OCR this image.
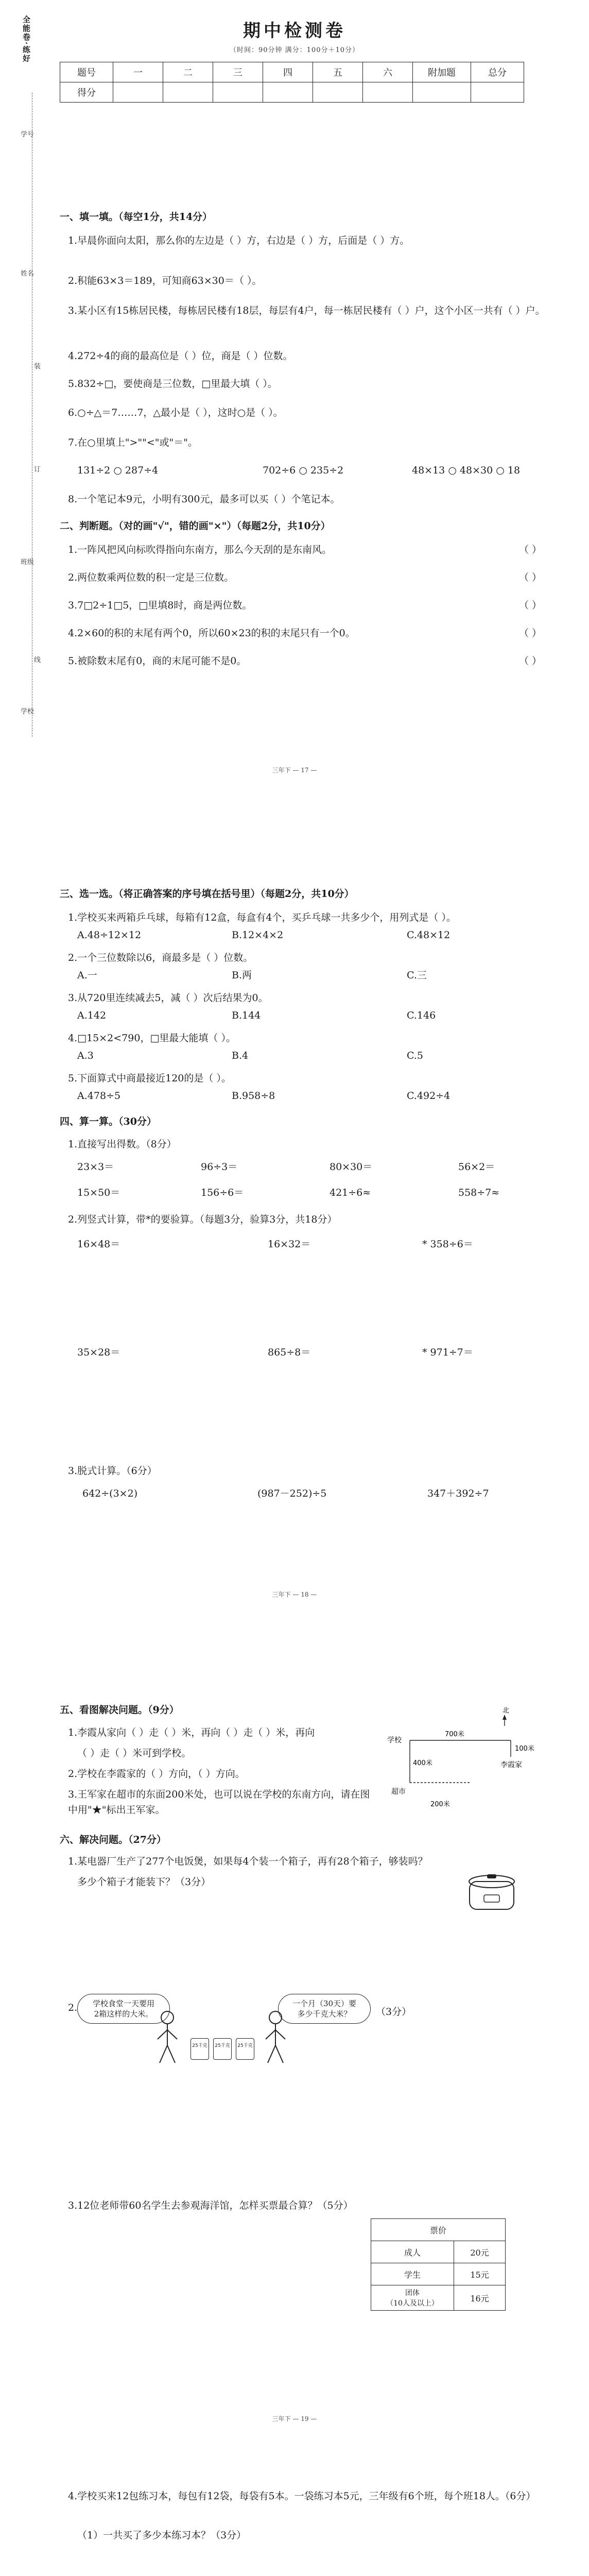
全能卷·练好	期中检测卷
（时间：90分钟 满分：100分＋10分）
题号	一	二	三	四	五	六	附加题	总分
得分								
学号
姓名
装
订
班级
线
学校
一、填一填。（每空1分，共14分）
1.早晨你面向太阳，那么你的左边是（ ）方，右边是（ ）方，后面是（ ）方。
2.积能63×3＝189，可知商63×30＝（ ）。
3.某小区有15栋居民楼，每栋居民楼有18层，每层有4户，每一栋居民楼有（ ）户，这个小区一共有（ ）户。
4.272÷4的商的最高位是（ ）位，商是（ ）位数。
5.832÷□，要使商是三位数，□里最大填（ ）。
6.○÷△＝7……7，△最小是（ ），这时○是（ ）。
7.在○里填上">""<"或"＝"。
131÷2 ○ 287÷4	702÷6 ○ 235÷2	48×13 ○ 48×30 ○ 18
8.一个笔记本9元，小明有300元，最多可以买（ ）个笔记本。
二、判断题。（对的画"√"，错的画"×"）（每题2分，共10分）
1.一阵风把风向标吹得指向东南方，那么今天刮的是东南风。	（ ）
2.两位数乘两位数的积一定是三位数。	（ ）
3.7□2÷1□5，□里填8时，商是两位数。	（ ）
4.2×60的积的末尾有两个0，所以60×23的积的末尾只有一个0。	（ ）
5.被除数末尾有0，商的末尾可能不是0。	（ ）
三年下 — 17 —
三、选一选。（将正确答案的序号填在括号里）（每题2分，共10分）
1.学校买来两箱乒乓球，每箱有12盒，每盒有4个，买乒乓球一共多少个，用列式是（ ）。
A.48÷12×12	B.12×4×2	C.48×12
2.一个三位数除以6，商最多是（ ）位数。
A.一	B.两	C.三
3.从720里连续减去5，减（ ）次后结果为0。
A.142	B.144	C.146
4.□15×2<790，□里最大能填（ ）。
A.3	B.4	C.5
5.下面算式中商最接近120的是（ ）。
A.478÷5	B.958÷8	C.492÷4
四、算一算。（30分）
1.直接写出得数。（8分）
23×3＝	96÷3＝	80×30＝	56×2＝
15×50＝	156÷6＝	421÷6≈	558÷7≈
2.列竖式计算，带*的要验算。（每题3分，验算3分，共18分）
16×48＝	16×32＝	* 358÷6＝
35×28＝	865÷8＝	* 971÷7＝
3.脱式计算。（6分）
642÷(3×2)	(987－252)÷5	347＋392÷7
三年下 — 18 —
五、看图解决问题。（9分）
1.李霞从家向（ ）走（ ）米，再向（ ）走（ ）米，再向
（ ）走（ ）米可到学校。
2.学校在李霞家的（ ）方向，（ ）方向。
3.王军家在超市的东面200米处，也可以说在学校的东南方向，请在图中用"★"标出王军家。
北
学校
700米
100米
李霞家
400米
超市
200米
六、解决问题。（27分）
1.某电器厂生产了277个电饭煲，如果每4个装一个箱子，再有28个箱子，够装吗？
多少个箱子才能装下？（3分）
2.	学校食堂一天要用
2箱这样的大米。
一个月（30天）要
多少千克大米？	（3分）
25千克	25千克	25千克
3.12位老师带60名学生去参观海洋馆，怎样买票最合算？（5分）
票价	
成人	20元
学生	15元
团体
（10人及以上）	16元
三年下 — 19 —
4.学校买来12包练习本，每包有12袋，每袋有5本。一袋练习本5元，三年级有6个班，每个班18人。（6分）
（1）一共买了多少本练习本？（3分）
